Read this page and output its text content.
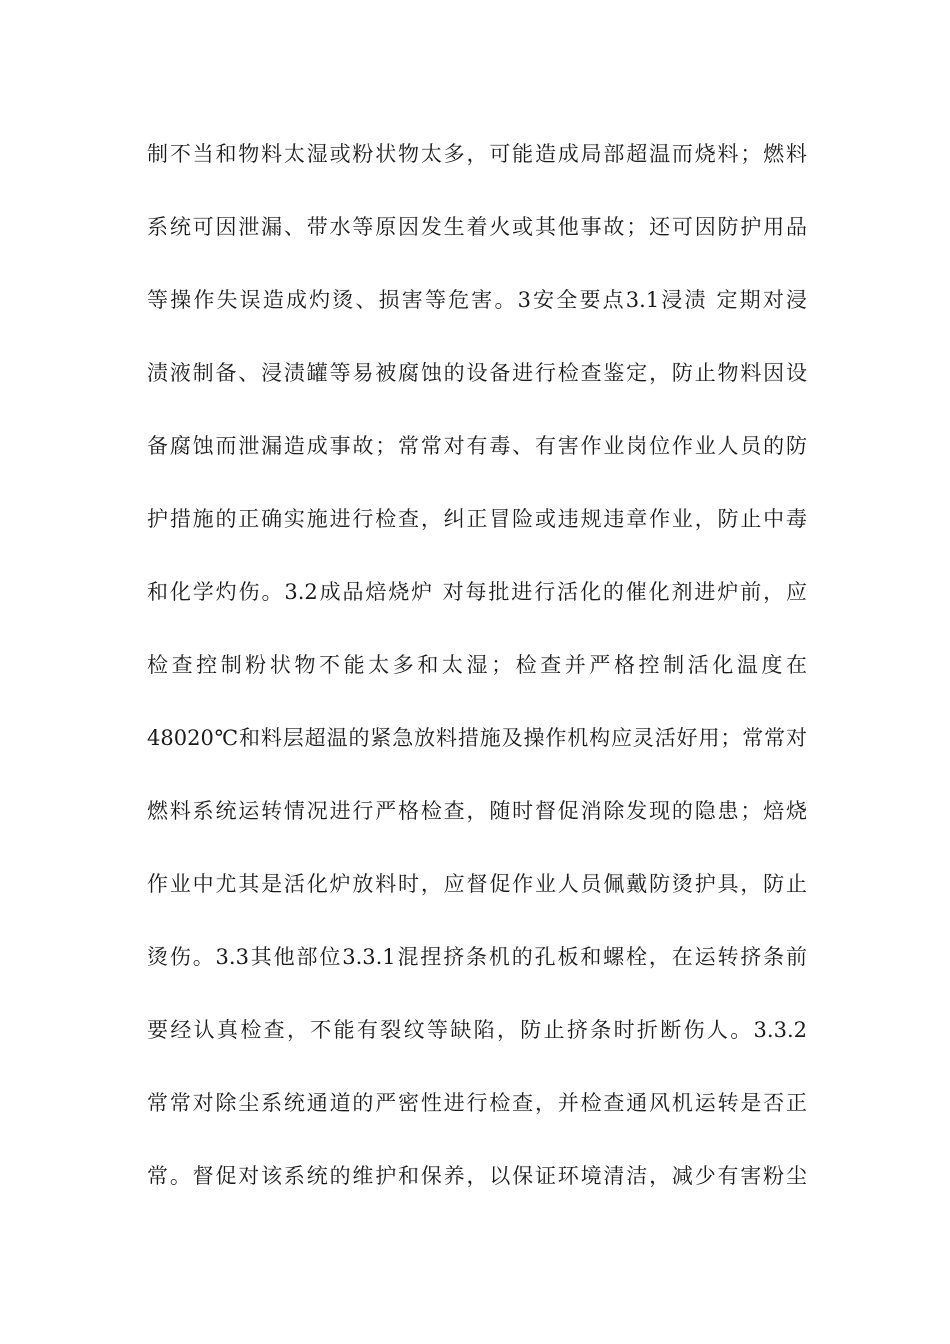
制不当和物料太湿或粉状物太多，可能造成局部超温而烧料；燃料
系统可因泄漏、带水等原因发生着火或其他事故；还可因防护用品
等操作失误造成灼烫、损害等危害。3安全要点3.1浸渍 定期对浸
渍液制备、浸渍罐等易被腐蚀的设备进行检查鉴定，防止物料因设
备腐蚀而泄漏造成事故；常常对有毒、有害作业岗位作业人员的防
护措施的正确实施进行检查，纠正冒险或违规违章作业，防止中毒
和化学灼伤。3.2成品焙烧炉 对每批进行活化的催化剂进炉前，应
检查控制粉状物不能太多和太湿；检查并严格控制活化温度在
48020℃和料层超温的紧急放料措施及操作机构应灵活好用；常常对
燃料系统运转情况进行严格检查，随时督促消除发现的隐患；焙烧
作业中尤其是活化炉放料时，应督促作业人员佩戴防烫护具，防止
烫伤。3.3其他部位3.3.1混捏挤条机的孔板和螺栓，在运转挤条前
要经认真检查，不能有裂纹等缺陷，防止挤条时折断伤人。3.3.2
常常对除尘系统通道的严密性进行检查，并检查通风机运转是否正
常。督促对该系统的维护和保养，以保证环境清洁，减少有害粉尘
